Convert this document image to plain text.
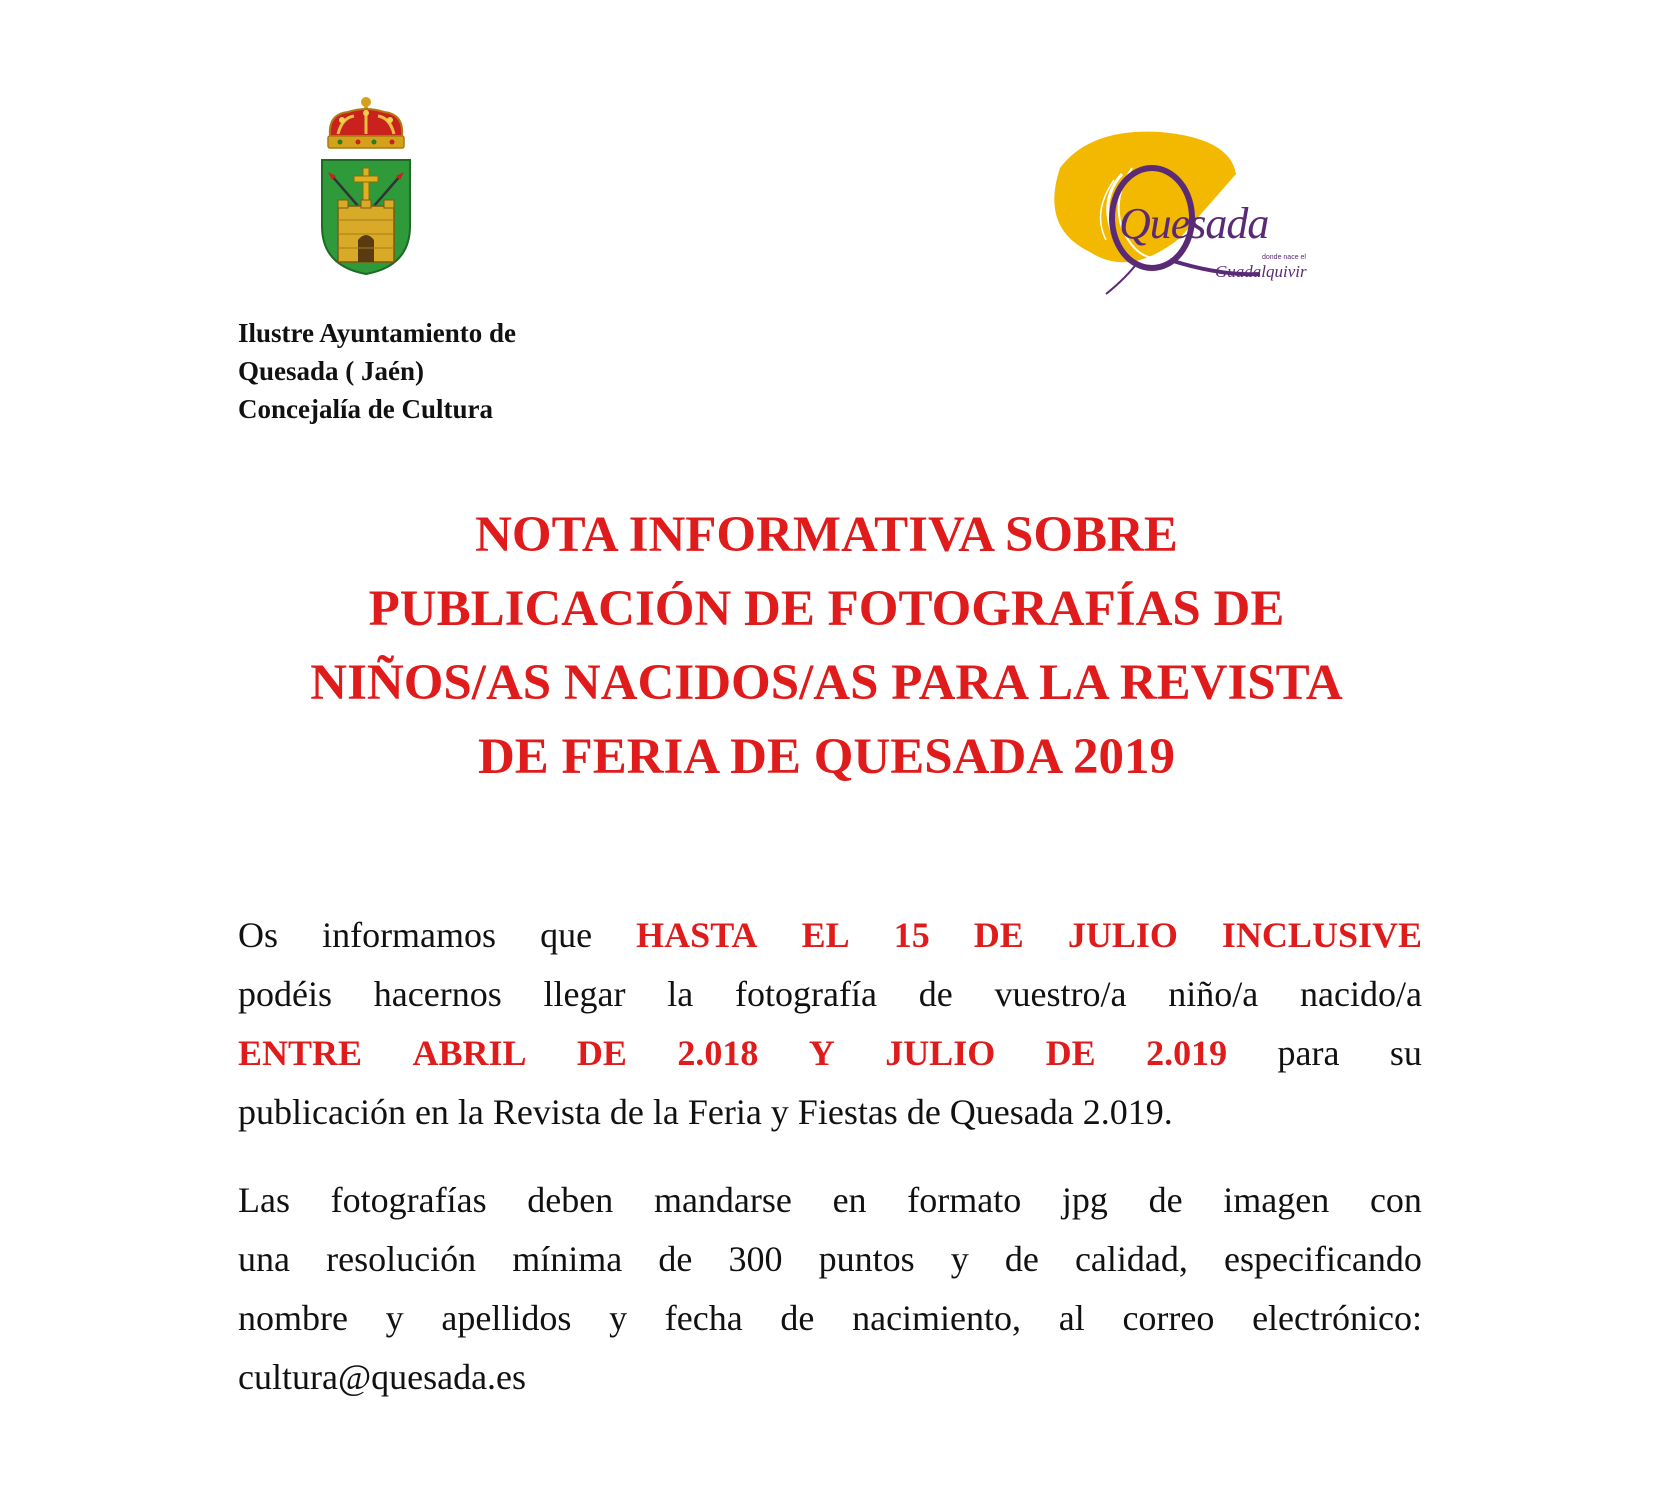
Quesada
donde nace el
Guadalquivir
Ilustre Ayuntamiento de
Quesada ( Jaén)
Concejalía de Cultura
NOTA INFORMATIVA SOBRE
PUBLICACIÓN DE FOTOGRAFÍAS DE
NIÑOS/AS NACIDOS/AS PARA LA REVISTA
DE FERIA DE QUESADA 2019
Os informamos que HASTA EL 15 DE JULIO INCLUSIVE
podéis hacernos llegar la fotografía de vuestro/a niño/a nacido/a
ENTRE ABRIL DE 2.018 Y JULIO DE 2.019 para su
publicación en la Revista de la Feria y Fiestas de Quesada 2.019.
Las fotografías deben mandarse en formato jpg de imagen con
una resolución mínima de 300 puntos y de calidad, especificando
nombre y apellidos y fecha de nacimiento, al correo electrónico:
cultura@quesada.es
